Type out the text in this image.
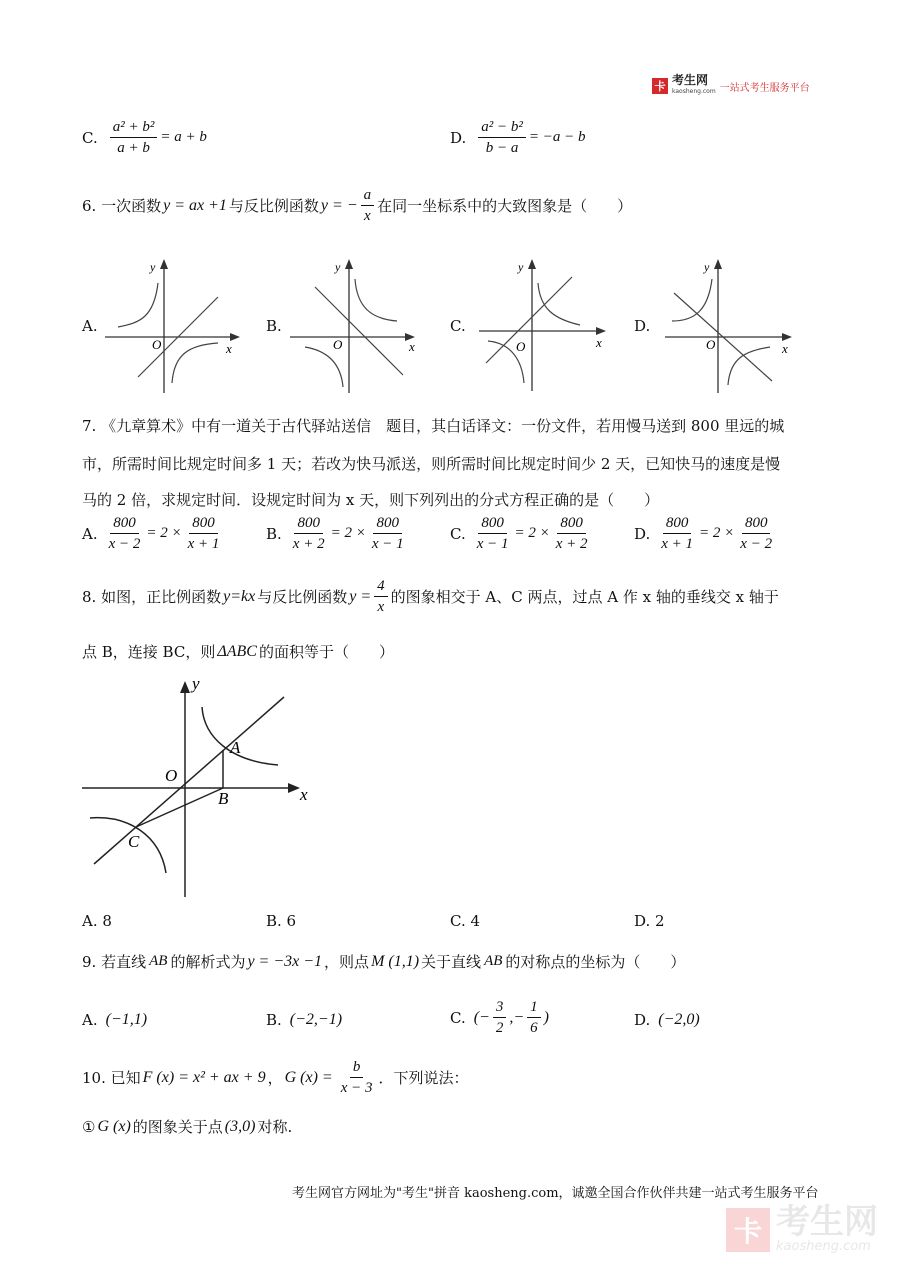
卡 考生网
kaosheng.com 一站式考生服务平台
C. $\frac{\text{a² + b²}}{a + b} = a + b$	D. $\frac{\text{a² − b²}}{b - a} = -a - b$
6.
一次函数 y = ax +1 与反比例函数 y = − $\frac{a}{x}$ 在同一坐标系中的大致图象是（　　）
A.	B.	C.	D.
O	x
y
O	x
y
O	x
y
O	x
y
7. 《九章算术》中有一道关于古代驿站送信　题目，其白话译文：一份文件，若用慢马送到 800 里远的城
市，所需时间比规定时间多 1 天；若改为快马派送，则所需时间比规定时间少 2 天，已知快马的速度是慢
马的 2 倍，求规定时间．设规定时间为 x 天，则下列列出的分式方程正确的是（　　）
A. $\frac{800}{x - 2} = 2 \times \frac{800}{x + 1}$	B. $\frac{800}{x + 2} = 2 \times \frac{800}{x - 1}$	C. $\frac{800}{x - 1} = 2 \times \frac{800}{x + 2}$	D. $\frac{800}{x + 1} = 2 \times \frac{800}{x - 2}$
8.
如图，正比例函数 y=kx 与反比例函数 $y = \frac{4}{x}$ 的图象相交于 A、C 两点，过点 A 作 x 轴的垂线交 x 轴于
点 B，连接 BC，则 ΔABC 的面积等于（　　）
y
x
O
A
B
C
A. 8	B. 6	C. 4	D. 2
9.
若直线 AB 的解析式为 y = −3x −1 ，则点 M (1,1) 关于直线 AB 的对称点的坐标为（　　）
A. (−1,1)	B. (−2,−1)	C. (− $\frac{3}{2}$ ,− $\frac{1}{6}$ )	D. (−2,0)
10.
已知 F (x) = x² + ax + 9 ， G $(x) = \frac{b}{x - 3}$ ．下列说法：
① G (x) 的图象关于点 (3,0) 对称.
考生网官方网址为"考生"拼音 kaosheng.com，诚邀全国合作伙伴共建一站式考生服务平台
卡 考生网
kaosheng.com
